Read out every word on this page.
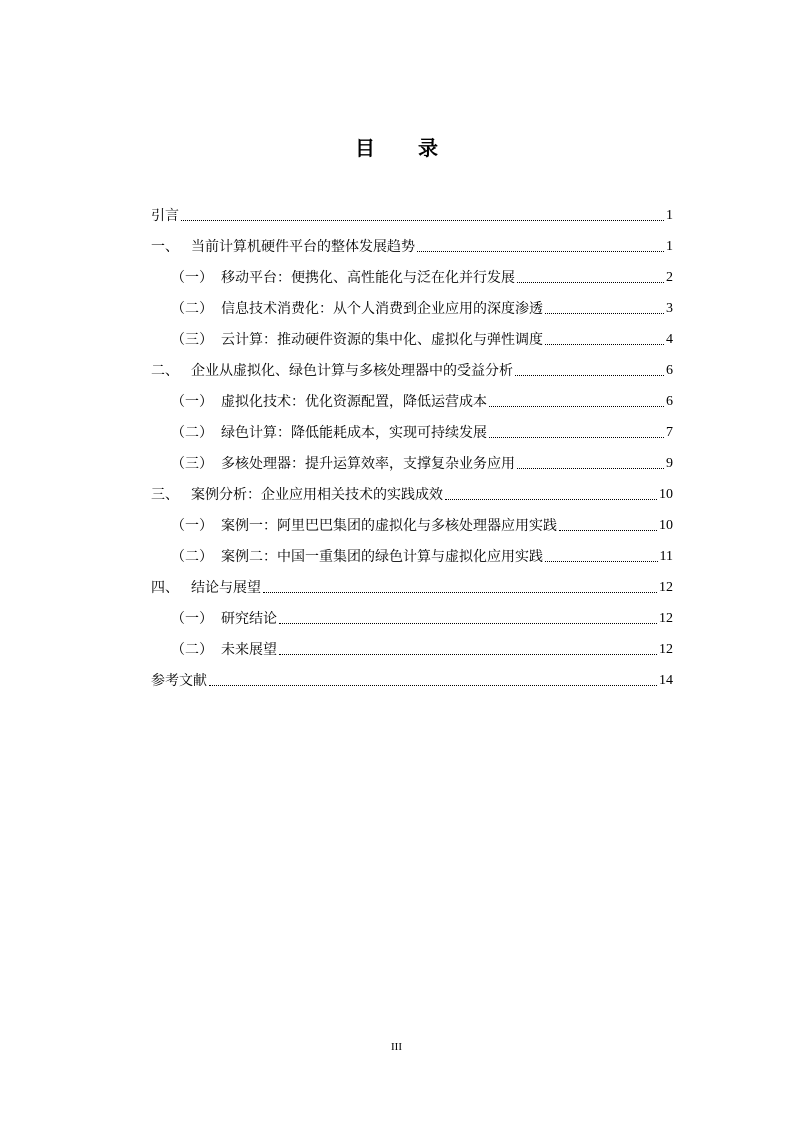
目 录
引言	1
一、 当前计算机硬件平台的整体发展趋势	1
（一） 移动平台：便携化、高性能化与泛在化并行发展	2
（二） 信息技术消费化：从个人消费到企业应用的深度渗透	3
（三） 云计算：推动硬件资源的集中化、虚拟化与弹性调度	4
二、 企业从虚拟化、绿色计算与多核处理器中的受益分析	6
（一） 虚拟化技术：优化资源配置，降低运营成本	6
（二） 绿色计算：降低能耗成本，实现可持续发展	7
（三） 多核处理器：提升运算效率，支撑复杂业务应用	9
三、 案例分析：企业应用相关技术的实践成效	10
（一） 案例一：阿里巴巴集团的虚拟化与多核处理器应用实践	10
（二） 案例二：中国一重集团的绿色计算与虚拟化应用实践	11
四、 结论与展望	12
（一） 研究结论	12
（二） 未来展望	12
参考文献	14
III
